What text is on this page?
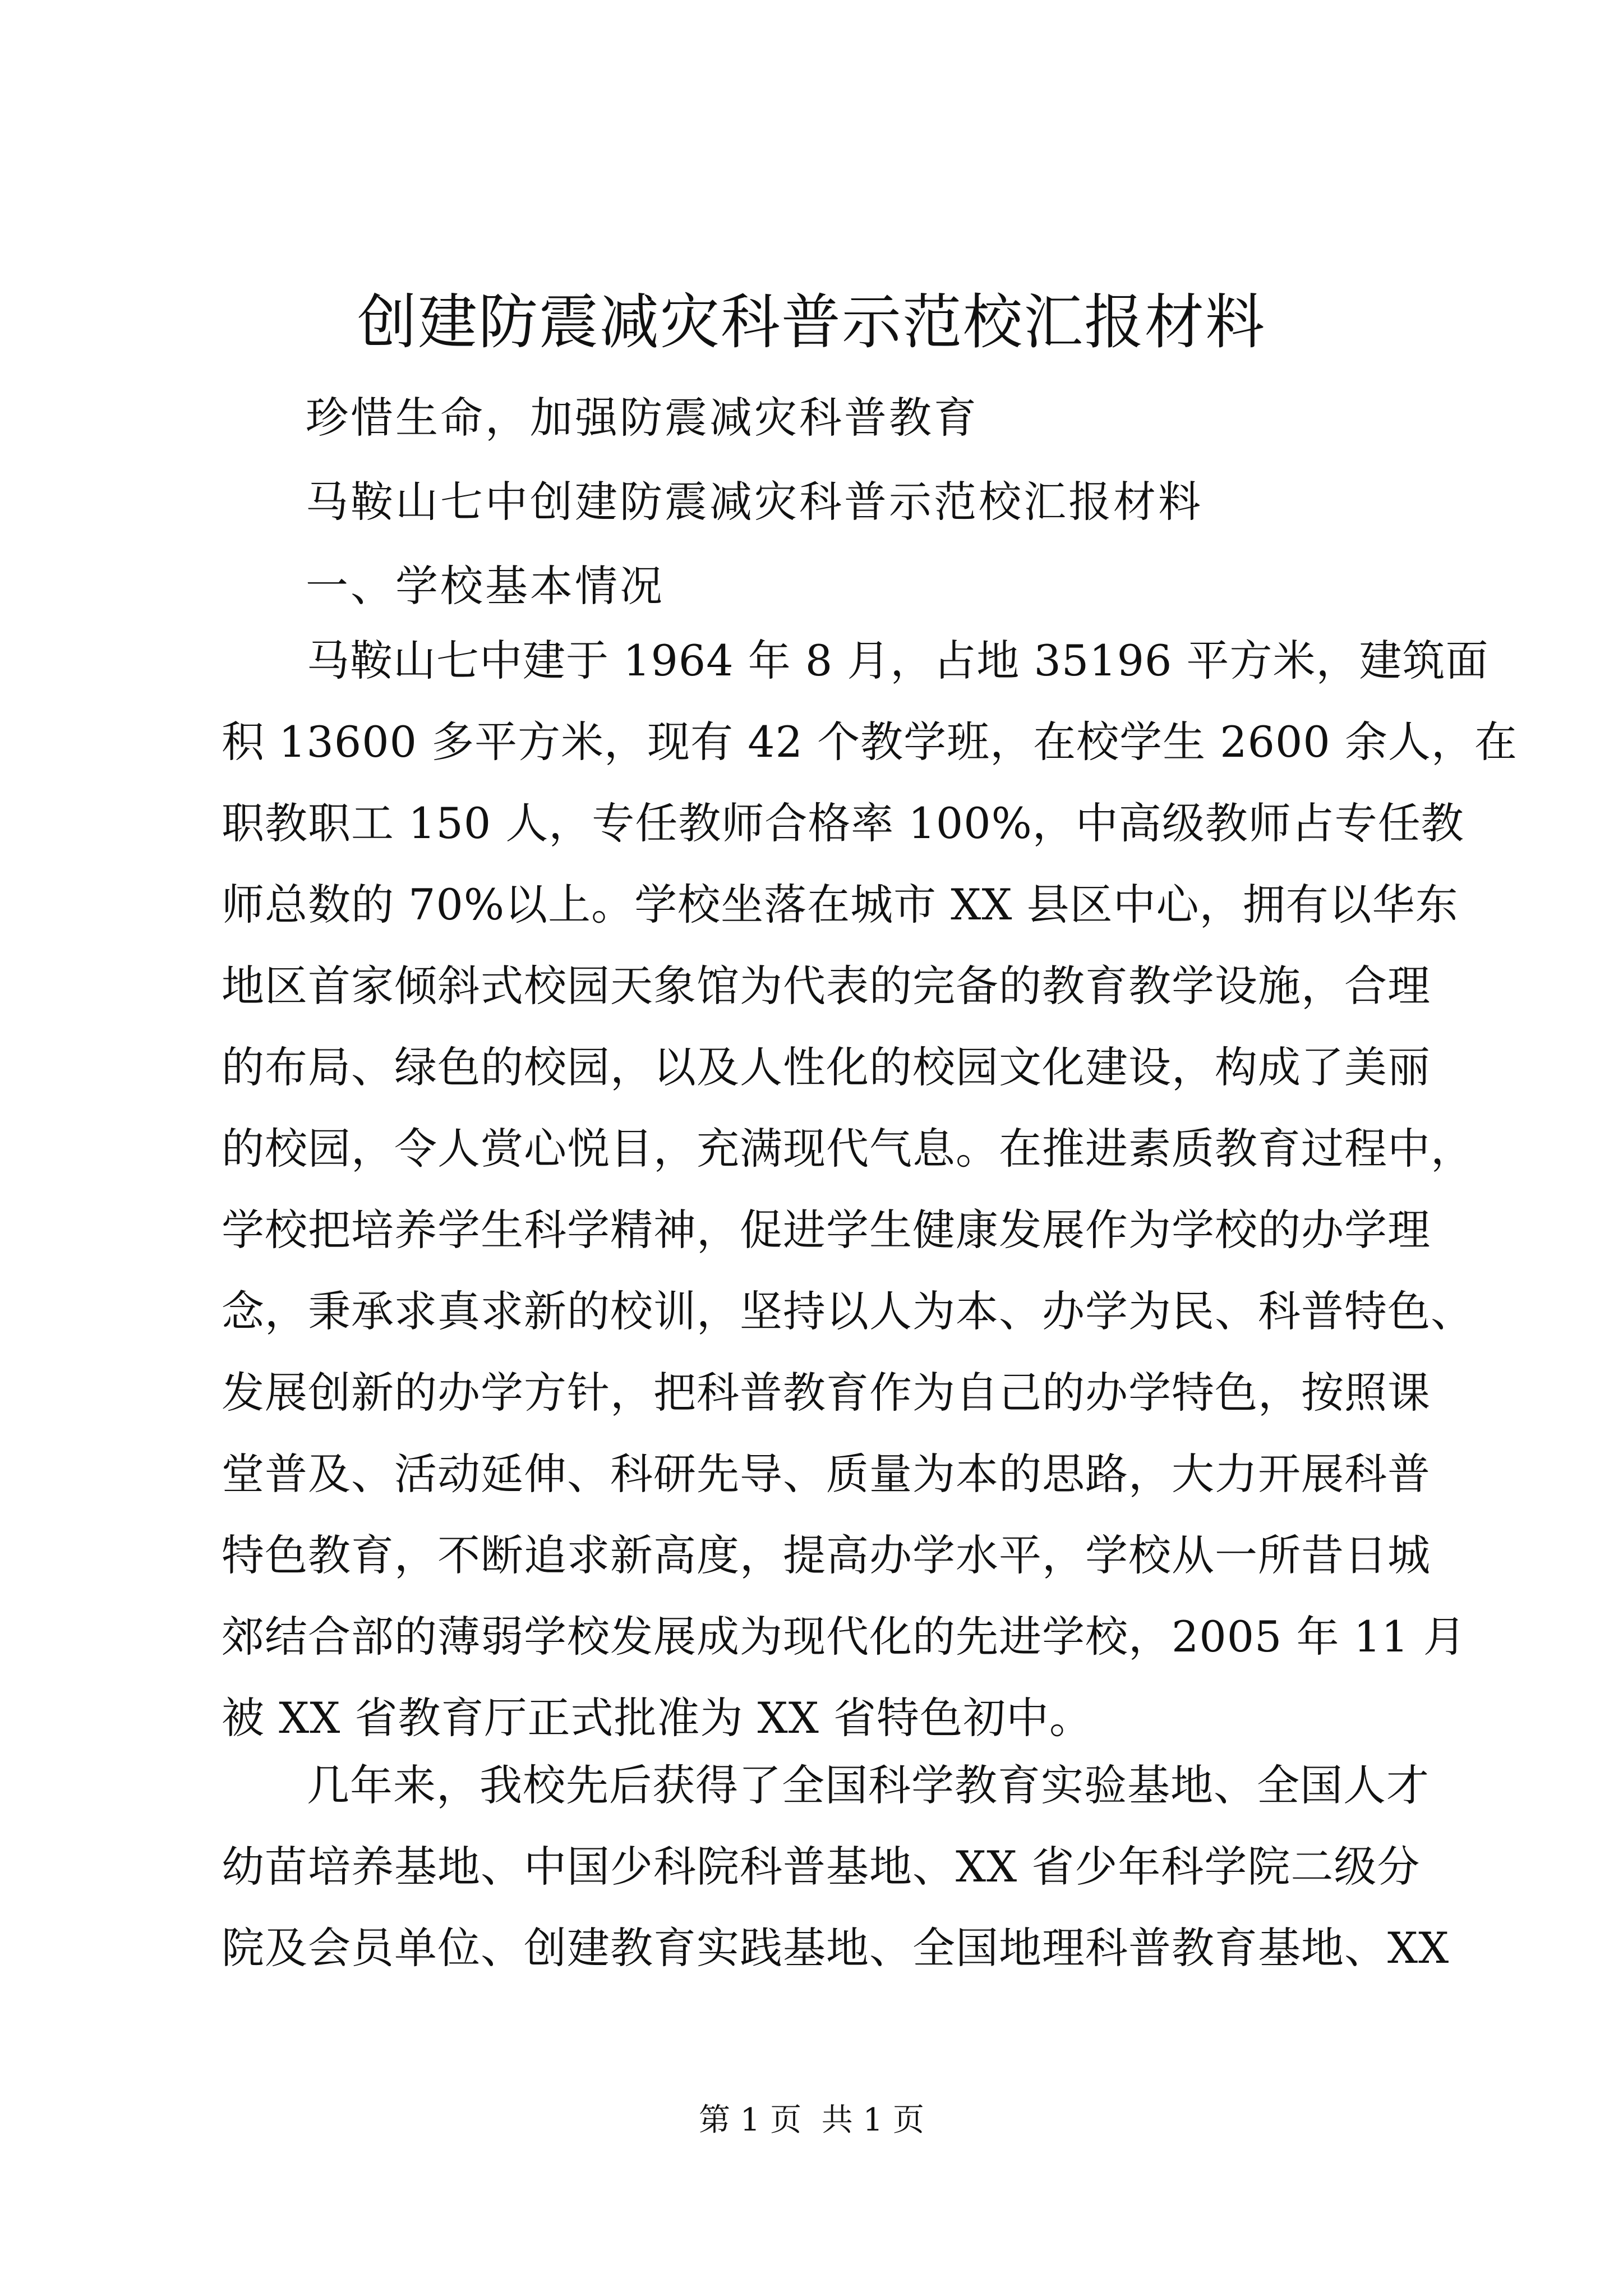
创建防震减灾科普示范校汇报材料
珍惜生命，加强防震减灾科普教育
马鞍山七中创建防震减灾科普示范校汇报材料
一、学校基本情况
马鞍山七中建于 1964 年 8 月，占地 35196 平方米，建筑面
积 13600 多平方米，现有 42 个教学班，在校学生 2600 余人，在
职教职工 150 人，专任教师合格率 100%，中高级教师占专任教
师总数的 70%以上。学校坐落在城市 XX 县区中心，拥有以华东
地区首家倾斜式校园天象馆为代表的完备的教育教学设施，合理
的布局、绿色的校园，以及人性化的校园文化建设，构成了美丽
的校园，令人赏心悦目，充满现代气息。在推进素质教育过程中，
学校把培养学生科学精神，促进学生健康发展作为学校的办学理
念，秉承求真求新的校训，坚持以人为本、办学为民、科普特色、
发展创新的办学方针，把科普教育作为自己的办学特色，按照课
堂普及、活动延伸、科研先导、质量为本的思路，大力开展科普
特色教育，不断追求新高度，提高办学水平，学校从一所昔日城
郊结合部的薄弱学校发展成为现代化的先进学校，2005 年 11 月
被 XX 省教育厅正式批准为 XX 省特色初中。
几年来，我校先后获得了全国科学教育实验基地、全国人才
幼苗培养基地、中国少科院科普基地、XX 省少年科学院二级分
院及会员单位、创建教育实践基地、全国地理科普教育基地、XX
第 1 页  共 1 页
